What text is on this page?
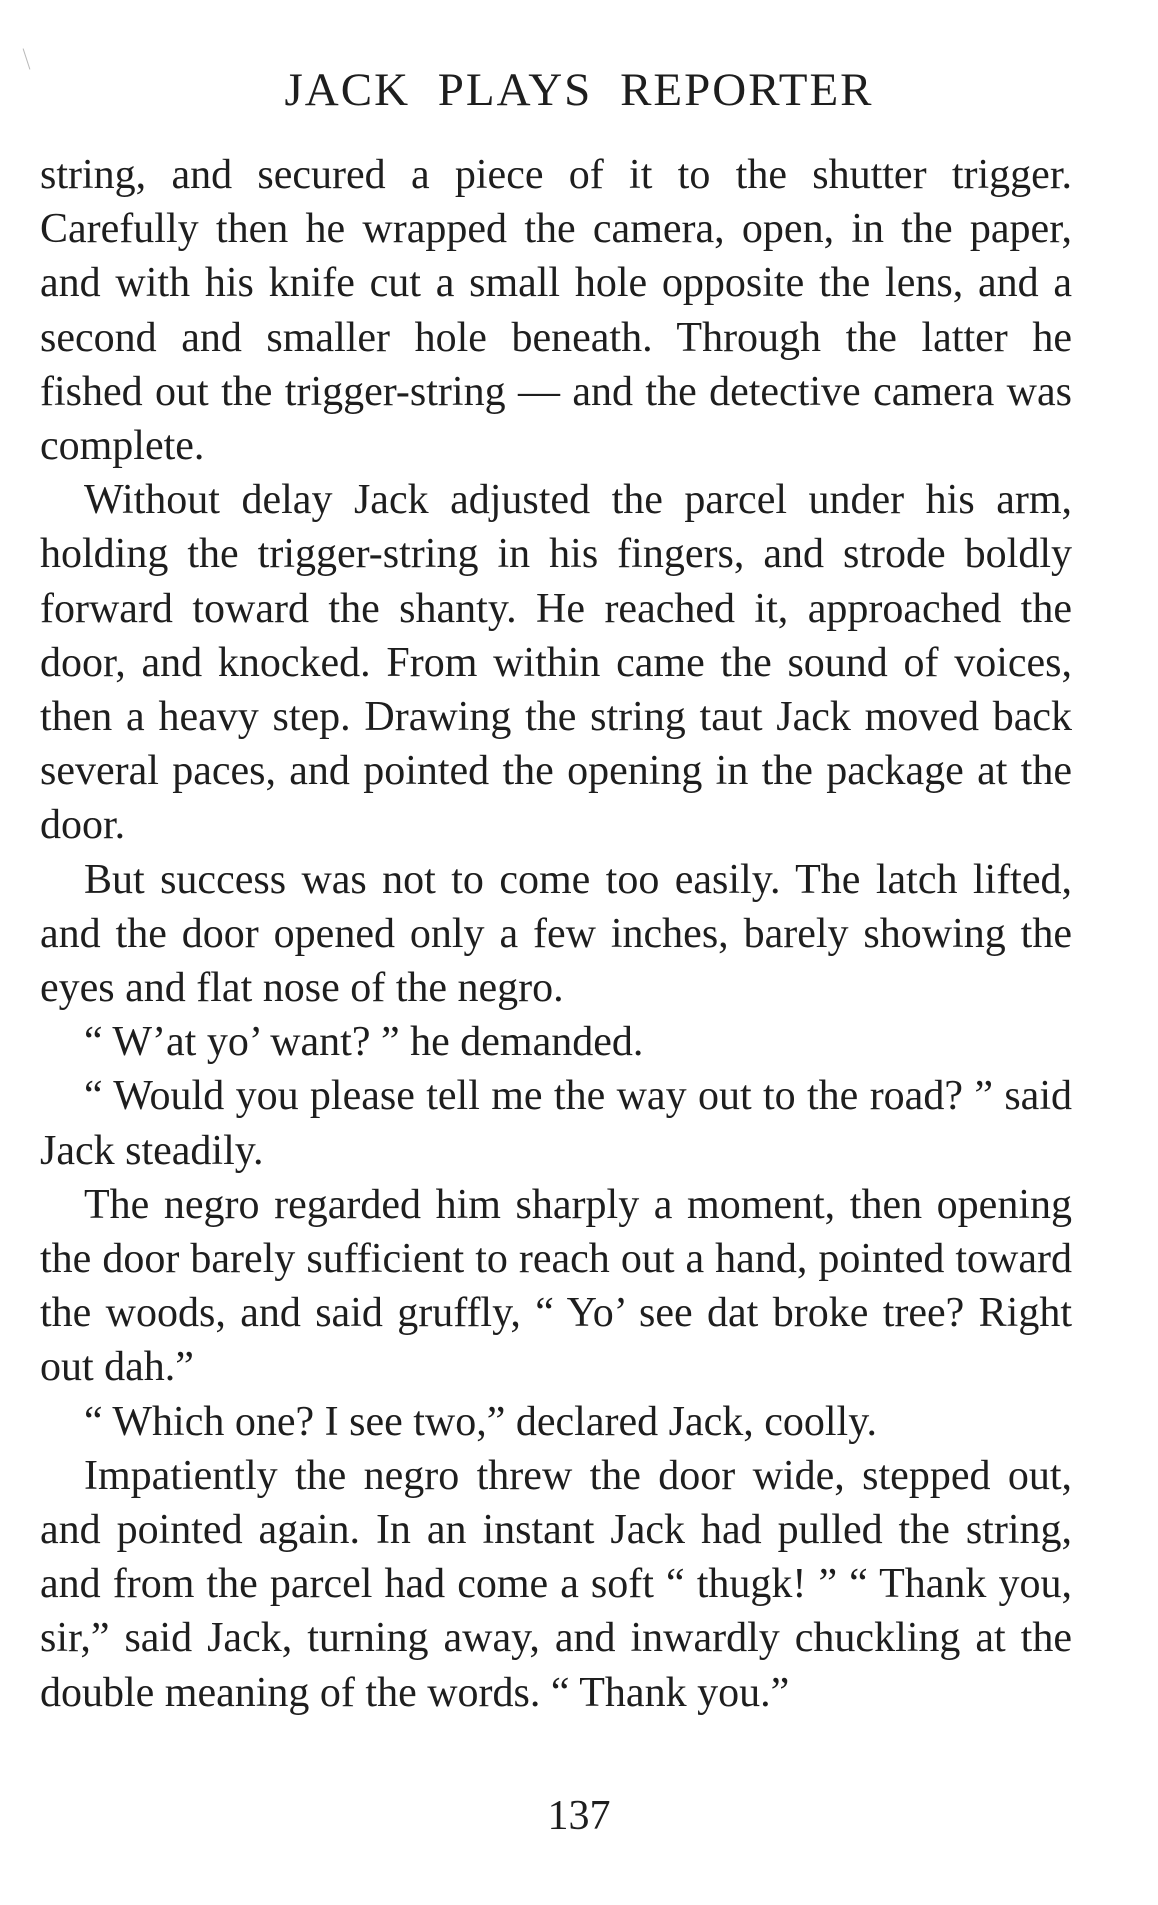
JACK PLAYS REPORTER

string, and secured a piece of it to the shutter trigger. Carefully then he wrapped the camera, open, in the paper, and with his knife cut a small hole opposite the lens, and a second and smaller hole beneath. Through the latter he fished out the trigger-string — and the detective camera was complete.

Without delay Jack adjusted the parcel under his arm, holding the trigger-string in his fingers, and strode boldly forward toward the shanty. He reached it, approached the door, and knocked. From within came the sound of voices, then a heavy step. Drawing the string taut Jack moved back several paces, and pointed the opening in the package at the door.

But success was not to come too easily. The latch lifted, and the door opened only a few inches, barely showing the eyes and flat nose of the negro.

“ W’at yo’ want? ” he demanded.

“ Would you please tell me the way out to the road? ” said Jack steadily.

The negro regarded him sharply a moment, then opening the door barely sufficient to reach out a hand, pointed toward the woods, and said gruffly, “ Yo’ see dat broke tree? Right out dah.”

“ Which one? I see two,” declared Jack, coolly.

Impatiently the negro threw the door wide, stepped out, and pointed again. In an instant Jack had pulled the string, and from the parcel had come a soft “ thugk! ” “ Thank you, sir,” said Jack, turning away, and inwardly chuckling at the double meaning of the words. “ Thank you.”

137
